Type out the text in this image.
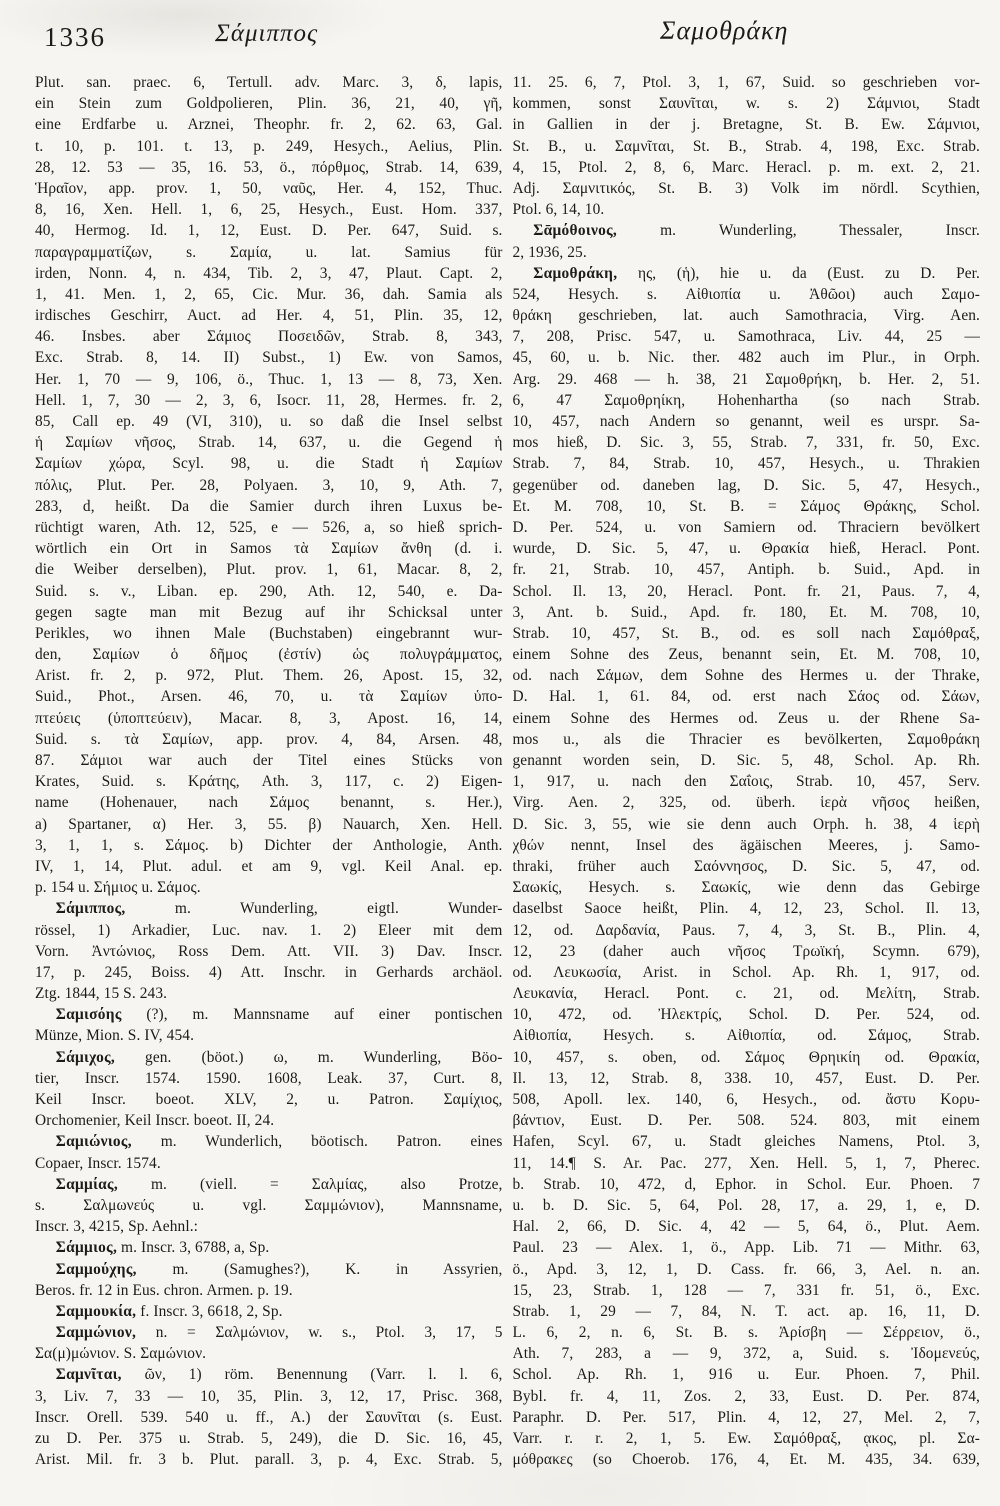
1336	Σάμιππος	Σαμοθράκη
Plut. san. praec. 6, Tertull. adv. Marc. 3, δ, lapis,
ein Stein zum Goldpolieren, Plin. 36, 21, 40, γῆ,
eine Erdfarbe u. Arznei, Theophr. fr. 2, 62. 63, Gal.
t. 10, p. 101. t. 13, p. 249, Hesych., Aelius, Plin.
28, 12. 53 — 35, 16. 53, ö., πόρθμος, Strab. 14, 639,
Ἡραῖον, app. prov. 1, 50, ναῦς, Her. 4, 152, Thuc.
8, 16, Xen. Hell. 1, 6, 25, Hesych., Eust. Hom. 337,
40, Hermog. Id. 1, 12, Eust. D. Per. 647, Suid. s.
παραγραμματίζων, s. Σαμία, u. lat. Samius für
irden, Nonn. 4, n. 434, Tib. 2, 3, 47, Plaut. Capt. 2,
1, 41. Men. 1, 2, 65, Cic. Mur. 36, dah. Samia als
irdisches Geschirr, Auct. ad Her. 4, 51, Plin. 35, 12,
46. Insbes. aber Σάμιος Ποσειδῶν, Strab. 8, 343,
Exc. Strab. 8, 14. II) Subst., 1) Ew. von Samos,
Her. 1, 70 — 9, 106, ö., Thuc. 1, 13 — 8, 73, Xen.
Hell. 1, 7, 30 — 2, 3, 6, Isocr. 11, 28, Hermes. fr. 2,
85, Call ep. 49 (VI, 310), u. so daß die Insel selbst
ἡ Σαμίων νῆσος, Strab. 14, 637, u. die Gegend ἡ
Σαμίων χώρα, Scyl. 98, u. die Stadt ἡ Σαμίων
πόλις, Plut. Per. 28, Polyaen. 3, 10, 9, Ath. 7,
283, d, heißt. Da die Samier durch ihren Luxus be-
rüchtigt waren, Ath. 12, 525, e — 526, a, so hieß sprich-
wörtlich ein Ort in Samos τὰ Σαμίων ἄνθη (d. i.
die Weiber derselben), Plut. prov. 1, 61, Macar. 8, 2,
Suid. s. v., Liban. ep. 290, Ath. 12, 540, e. Da-
gegen sagte man mit Bezug auf ihr Schicksal unter
Perikles, wo ihnen Male (Buchstaben) eingebrannt wur-
den, Σαμίων ὁ δῆμος (ἐστίν) ὡς πολυγράμματος,
Arist. fr. 2, p. 972, Plut. Them. 26, Apost. 15, 32,
Suid., Phot., Arsen. 46, 70, u. τὰ Σαμίων ὑπο-
πτεύεις (ὑποπτεύειν), Macar. 8, 3, Apost. 16, 14,
Suid. s. τὰ Σαμίων, app. prov. 4, 84, Arsen. 48,
87. Σάμιοι war auch der Titel eines Stücks von
Krates, Suid. s. Κράτης, Ath. 3, 117, c. 2) Eigen-
name (Hohenauer, nach Σάμος benannt, s. Her.),
a) Spartaner, α) Her. 3, 55. β) Nauarch, Xen. Hell.
3, 1, 1, s. Σάμος. b) Dichter der Anthologie, Anth.
IV, 1, 14, Plut. adul. et am 9, vgl. Keil Anal. ep.
p. 154 u. Σήμιος u. Σάμος.
Σάμιππος, m. Wunderling, eigtl. Wunder-
rössel, 1) Arkadier, Luc. nav. 1. 2) Eleer mit dem
Vorn. Ἀντώνιος, Ross Dem. Att. VII. 3) Dav. Inscr.
17, p. 245, Boiss. 4) Att. Inschr. in Gerhards archäol.
Ztg. 1844, 15 S. 243.
Σαμισόης (?), m. Mannsname auf einer pontischen
Münze, Mion. S. IV, 454.
Σάμιχος, gen. (böot.) ω, m. Wunderling, Böo-
tier, Inscr. 1574. 1590. 1608, Leak. 37, Curt. 8,
Keil Inscr. boeot. XLV, 2, u. Patron. Σαμίχιος,
Orchomenier, Keil Inscr. boeot. II, 24.
Σαμιώνιος, m. Wunderlich, böotisch. Patron. eines
Copaer, Inscr. 1574.
Σαμμίας, m. (viell. = Σαλμίας, also Protze,
s. Σαλμωνεύς u. vgl. Σαμμώνιον), Mannsname,
Inscr. 3, 4215, Sp. Aehnl.:
Σάμμιος, m. Inscr. 3, 6788, a, Sp.
Σαμμούχης, m. (Samughes?), K. in Assyrien,
Beros. fr. 12 in Eus. chron. Armen. p. 19.
Σαμμουκία, f. Inscr. 3, 6618, 2, Sp.
Σαμμώνιον, n. = Σαλμώνιον, w. s., Ptol. 3, 17, 5
Σα(μ)μώνιον. S. Σαμώνιον.
Σαμνῖται, ῶν, 1) röm. Benennung (Varr. l. l. 6,
3, Liv. 7, 33 — 10, 35, Plin. 3, 12, 17, Prisc. 368,
Inscr. Orell. 539. 540 u. ff., A.) der Σαυνῖται (s. Eust.
zu D. Per. 375 u. Strab. 5, 249), die D. Sic. 16, 45,
Arist. Mil. fr. 3 b. Plut. parall. 3, p. 4, Exc. Strab. 5,
11. 25. 6, 7, Ptol. 3, 1, 67, Suid. so geschrieben vor-
kommen, sonst Σαυνῖται, w. s. 2) Σάμνιοι, Stadt
in Gallien in der j. Bretagne, St. B. Ew. Σάμνιοι,
St. B., u. Σαμνῖται, St. B., Strab. 4, 198, Exc. Strab.
4, 15, Ptol. 2, 8, 6, Marc. Heracl. p. m. ext. 2, 21.
Adj. Σαμνιτικός, St. B. 3) Volk im nördl. Scythien,
Ptol. 6, 14, 10.
Σᾱμόθοινος, m. Wunderling, Thessaler, Inscr.
2, 1936, 25.
Σαμοθράκη, ης, (ἡ), hie u. da (Eust. zu D. Per.
524, Hesych. s. Αἰθιοπία u. Ἀθῶοι) auch Σαμο-
θράκη geschrieben, lat. auch Samothracia, Virg. Aen.
7, 208, Prisc. 547, u. Samothraca, Liv. 44, 25 —
45, 60, u. b. Nic. ther. 482 auch im Plur., in Orph.
Arg. 29. 468 — h. 38, 21 Σαμοθρήκη, b. Her. 2, 51.
6, 47 Σαμοθρηίκη, Hohenhartha (so nach Strab.
10, 457, nach Andern so genannt, weil es urspr. Sa-
mos hieß, D. Sic. 3, 55, Strab. 7, 331, fr. 50, Exc.
Strab. 7, 84, Strab. 10, 457, Hesych., u. Thrakien
gegenüber od. daneben lag, D. Sic. 5, 47, Hesych.,
Et. M. 708, 10, St. B. = Σάμος Θράκης, Schol.
D. Per. 524, u. von Samiern od. Thraciern bevölkert
wurde, D. Sic. 5, 47, u. Θρακία hieß, Heracl. Pont.
fr. 21, Strab. 10, 457, Antiph. b. Suid., Apd. in
Schol. Il. 13, 20, Heracl. Pont. fr. 21, Paus. 7, 4,
3, Ant. b. Suid., Apd. fr. 180, Et. M. 708, 10,
Strab. 10, 457, St. B., od. es soll nach Σαμόθραξ,
einem Sohne des Zeus, benannt sein, Et. M. 708, 10,
od. nach Σάμων, dem Sohne des Hermes u. der Thrake,
D. Hal. 1, 61. 84, od. erst nach Σάος od. Σάων,
einem Sohne des Hermes od. Zeus u. der Rhene Sa-
mos u., als die Thracier es bevölkerten, Σαμοθράκη
genannt worden sein, D. Sic. 5, 48, Schol. Ap. Rh.
1, 917, u. nach den Σαΐοις, Strab. 10, 457, Serv.
Virg. Aen. 2, 325, od. überh. ἱερὰ νῆσος heißen,
D. Sic. 3, 55, wie sie denn auch Orph. h. 38, 4 ἱερὴ
χθών nennt, Insel des ägäischen Meeres, j. Samo-
thraki, früher auch Σαόννησος, D. Sic. 5, 47, od.
Σαωκίς, Hesych. s. Σαωκίς, wie denn das Gebirge
daselbst Saoce heißt, Plin. 4, 12, 23, Schol. Il. 13,
12, od. Δαρδανία, Paus. 7, 4, 3, St. B., Plin. 4,
12, 23 (daher auch νῆσος Τρωϊκή, Scymn. 679),
od. Λευκωσία, Arist. in Schol. Ap. Rh. 1, 917, od.
Λευκανία, Heracl. Pont. c. 21, od. Μελίτη, Strab.
10, 472, od. Ἠλεκτρίς, Schol. D. Per. 524, od.
Αἰθιοπία, Hesych. s. Αἰθιοπία, od. Σάμος, Strab.
10, 457, s. oben, od. Σάμος Θρηικίη od. Θρακία,
Il. 13, 12, Strab. 8, 338. 10, 457, Eust. D. Per.
508, Apoll. lex. 140, 6, Hesych., od. ἄστυ Κορυ-
βάντιον, Eust. D. Per. 508. 524. 803, mit einem
Hafen, Scyl. 67, u. Stadt gleiches Namens, Ptol. 3,
11, 14.¶ S. Ar. Pac. 277, Xen. Hell. 5, 1, 7, Pherec.
b. Strab. 10, 472, d, Ephor. in Schol. Eur. Phoen. 7
u. b. D. Sic. 5, 64, Pol. 28, 17, a. 29, 1, e, D.
Hal. 2, 66, D. Sic. 4, 42 — 5, 64, ö., Plut. Aem.
Paul. 23 — Alex. 1, ö., App. Lib. 71 — Mithr. 63,
ö., Apd. 3, 12, 1, D. Cass. fr. 66, 3, Ael. n. an.
15, 23, Strab. 1, 128 — 7, 331 fr. 51, ö., Exc.
Strab. 1, 29 — 7, 84, N. T. act. ap. 16, 11, D.
L. 6, 2, n. 6, St. B. s. Ἀρίσβη — Σέρρειον, ö.,
Ath. 7, 283, a — 9, 372, a, Suid. s. Ἰδομενεύς,
Schol. Ap. Rh. 1, 916 u. Eur. Phoen. 7, Phil.
Bybl. fr. 4, 11, Zos. 2, 33, Eust. D. Per. 874,
Paraphr. D. Per. 517, Plin. 4, 12, 27, Mel. 2, 7,
Varr. r. r. 2, 1, 5. Ew. Σαμόθραξ, ᾳκος, pl. Σα-
μόθρακες (so Choerob. 176, 4, Et. M. 435, 34. 639,
